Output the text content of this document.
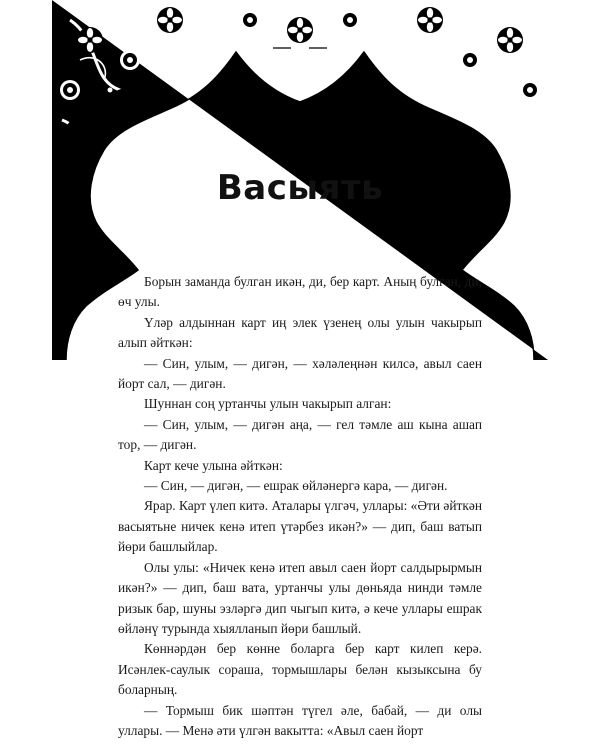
Васыять

Борын заманда булган икән, ди, бер карт. Аның булган, ди, өч улы.

Үләр алдыннан карт иң элек үзенең олы улын чакырып алып әйткән:

— Син, улым, — дигән, — хәләлеңнән килсә, авыл саен йорт сал, — дигән.

Шуннан соң уртанчы улын чакырып алган:

— Син, улым, — дигән аңа, — гел тәмле аш кына ашап тор, — дигән.

Карт кече улына әйткән:

— Син, — дигән, — ешрак өйләнергә кара, — дигән.

Ярар. Карт үлеп китә. Аталары үлгәч, уллары: «Әти әйткән васыятьне ничек кенә итеп үтәрбез икән?» — дип, баш ватып йөри башлыйлар.

Олы улы: «Ничек кенә итеп авыл саен йорт салдырырмын икән?» — дип, баш вата, уртанчы улы дөньяда нинди тәмле ризык бар, шуны эзләргә дип чыгып китә, ә кече уллары ешрак өйләнү турында хыялланып йөри башлый.

Көннәрдән бер көнне боларга бер карт килеп керә. Исәнлек-саулык сораша, тормышлары белән кызыксына бу боларның.

— Тормыш бик шәптән түгел әле, бабай, — ди олы уллары. — Менә әти үлгән вакытта: «Авыл саен йорт
